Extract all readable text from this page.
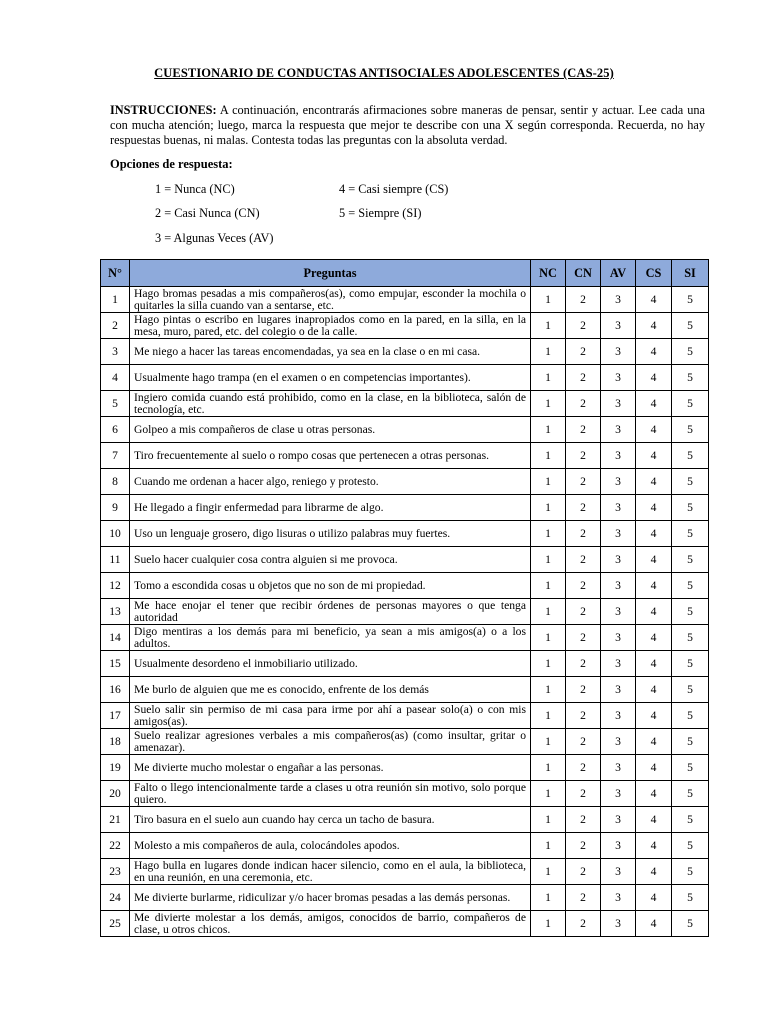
CUESTIONARIO DE CONDUCTAS ANTISOCIALES ADOLESCENTES (CAS-25)
INSTRUCCIONES: A continuación, encontrarás afirmaciones sobre maneras de pensar, sentir y actuar. Lee cada una con mucha atención; luego, marca la respuesta que mejor te describe con una X según corresponda. Recuerda, no hay respuestas buenas, ni malas. Contesta todas las preguntas con la absoluta verdad.
Opciones de respuesta:
1 = Nunca (NC)	4 = Casi siempre (CS)
2 = Casi Nunca (CN)	5 = Siempre (SI)
3 = Algunas Veces (AV)
N°	Preguntas	NC	CN	AV	CS	SI
1	Hago bromas pesadas a mis compañeros(as), como empujar, esconder la mochila o quitarles la silla cuando van a sentarse, etc.	1	2	3	4	5
2	Hago pintas o escribo en lugares inapropiados como en la pared, en la silla, en la mesa, muro, pared, etc. del colegio o de la calle.	1	2	3	4	5
3	Me niego a hacer las tareas encomendadas, ya sea en la clase o en mi casa.	1	2	3	4	5
4	Usualmente hago trampa (en el examen o en competencias importantes).	1	2	3	4	5
5	Ingiero comida cuando está prohibido, como en la clase, en la biblioteca, salón de tecnología, etc.	1	2	3	4	5
6	Golpeo a mis compañeros de clase u otras personas.	1	2	3	4	5
7	Tiro frecuentemente al suelo o rompo cosas que pertenecen a otras personas.	1	2	3	4	5
8	Cuando me ordenan a hacer algo, reniego y protesto.	1	2	3	4	5
9	He llegado a fingir enfermedad para librarme de algo.	1	2	3	4	5
10	Uso un lenguaje grosero, digo lisuras o utilizo palabras muy fuertes.	1	2	3	4	5
11	Suelo hacer cualquier cosa contra alguien si me provoca.	1	2	3	4	5
12	Tomo a escondida cosas u objetos que no son de mi propiedad.	1	2	3	4	5
13	Me hace enojar el tener que recibir órdenes de personas mayores o que tenga autoridad	1	2	3	4	5
14	Digo mentiras a los demás para mi beneficio, ya sean a mis amigos(a) o a los adultos.	1	2	3	4	5
15	Usualmente desordeno el inmobiliario utilizado.	1	2	3	4	5
16	Me burlo de alguien que me es conocido, enfrente de los demás	1	2	3	4	5
17	Suelo salir sin permiso de mi casa para irme por ahí a pasear solo(a) o con mis amigos(as).	1	2	3	4	5
18	Suelo realizar agresiones verbales a mis compañeros(as) (como insultar, gritar o amenazar).	1	2	3	4	5
19	Me divierte mucho molestar o engañar a las personas.	1	2	3	4	5
20	Falto o llego intencionalmente tarde a clases u otra reunión sin motivo, solo porque quiero.	1	2	3	4	5
21	Tiro basura en el suelo aun cuando hay cerca un tacho de basura.	1	2	3	4	5
22	Molesto a mis compañeros de aula, colocándoles apodos.	1	2	3	4	5
23	Hago bulla en lugares donde indican hacer silencio, como en el aula, la biblioteca, en una reunión, en una ceremonia, etc.	1	2	3	4	5
24	Me divierte burlarme, ridiculizar y/o hacer bromas pesadas a las demás personas.	1	2	3	4	5
25	Me divierte molestar a los demás, amigos, conocidos de barrio, compañeros de clase, u otros chicos.	1	2	3	4	5
